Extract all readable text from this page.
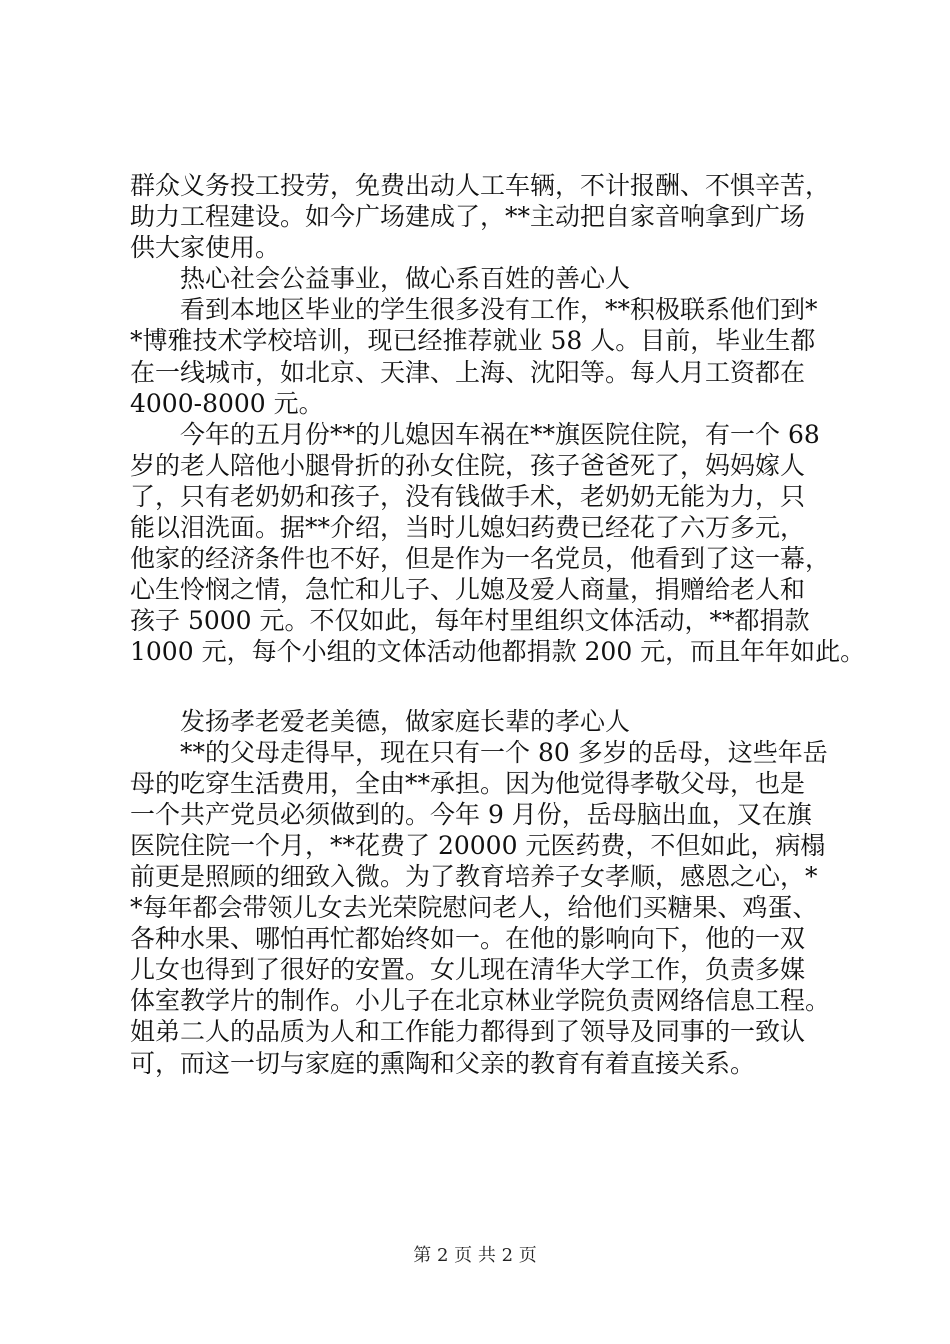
群众义务投工投劳，免费出动人工车辆，不计报酬、不惧辛苦，
助力工程建设。如今广场建成了，**主动把自家音响拿到广场
供大家使用。
热心社会公益事业，做心系百姓的善心人
看到本地区毕业的学生很多没有工作，**积极联系他们到*
*博雅技术学校培训，现已经推荐就业 58 人。目前，毕业生都
在一线城市，如北京、天津、上海、沈阳等。每人月工资都在
4000-8000 元。
今年的五月份**的儿媳因车祸在**旗医院住院，有一个 68
岁的老人陪他小腿骨折的孙女住院，孩子爸爸死了，妈妈嫁人
了，只有老奶奶和孩子，没有钱做手术，老奶奶无能为力，只
能以泪洗面。据**介绍，当时儿媳妇药费已经花了六万多元，
他家的经济条件也不好，但是作为一名党员，他看到了这一幕，
心生怜悯之情，急忙和儿子、儿媳及爱人商量，捐赠给老人和
孩子 5000 元。不仅如此，每年村里组织文体活动，**都捐款
1000 元，每个小组的文体活动他都捐款 200 元，而且年年如此。
发扬孝老爱老美德，做家庭长辈的孝心人
**的父母走得早，现在只有一个 80 多岁的岳母，这些年岳
母的吃穿生活费用，全由**承担。因为他觉得孝敬父母，也是
一个共产党员必须做到的。今年 9 月份，岳母脑出血，又在旗
医院住院一个月，**花费了 20000 元医药费，不但如此，病榻
前更是照顾的细致入微。为了教育培养子女孝顺，感恩之心，*
*每年都会带领儿女去光荣院慰问老人，给他们买糖果、鸡蛋、
各种水果、哪怕再忙都始终如一。在他的影响向下，他的一双
儿女也得到了很好的安置。女儿现在清华大学工作，负责多媒
体室教学片的制作。小儿子在北京林业学院负责网络信息工程。
姐弟二人的品质为人和工作能力都得到了领导及同事的一致认
可，而这一切与家庭的熏陶和父亲的教育有着直接关系。
第 2 页 共 2 页
